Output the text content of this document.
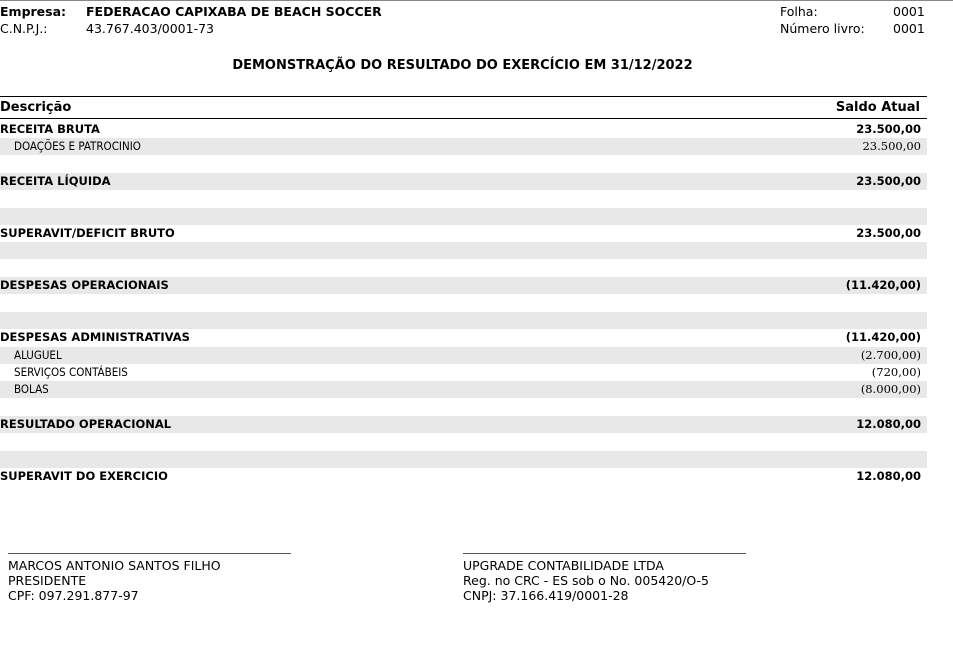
Empresa: FEDERACAO CAPIXABA DE BEACH SOCCER
C.N.P.J.:	43.767.403/0001-73
Folha:	0001
Número livro: 0001
DEMONSTRAÇÃO DO RESULTADO DO EXERCÍCIO EM 31/12/2022
Descrição	Saldo Atual
RECEITA BRUTA	23.500,00
DOAÇÕES E PATROCINIO	23.500,00
RECEITA LÍQUIDA	23.500,00
SUPERAVIT/DEFICIT BRUTO	23.500,00
DESPESAS OPERACIONAIS	(11.420,00)
DESPESAS ADMINISTRATIVAS	(11.420,00)
ALUGUEL	(2.700,00)
SERVIÇOS CONTÁBEIS	(720,00)
BOLAS	(8.000,00)
RESULTADO OPERACIONAL	12.080,00
SUPERAVIT DO EXERCICIO	12.080,00
MARCOS ANTONIO SANTOS FILHO
PRESIDENTE
CPF: 097.291.877-97
UPGRADE CONTABILIDADE LTDA
Reg. no CRC - ES sob o No. 005420/O-5
CNPJ: 37.166.419/0001-28
